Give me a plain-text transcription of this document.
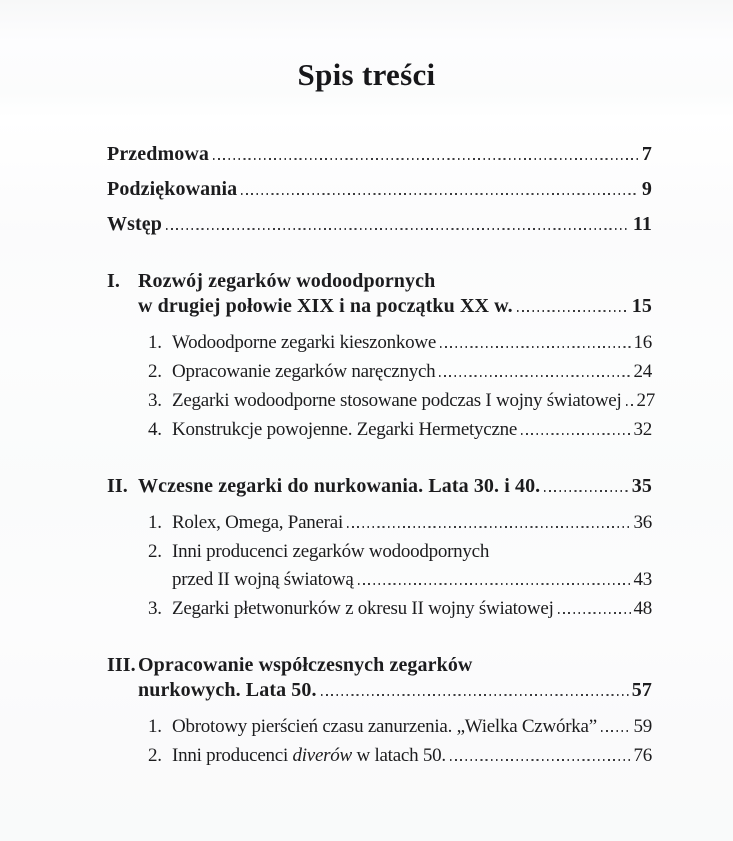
Spis treści
Przedmowa	7
Podziękowania	9
Wstęp	11
I. Rozwój zegarków wodoodpornych
w drugiej połowie XIX i na początku XX w.	15
1. Wodoodporne zegarki kieszonkowe	16
2. Opracowanie zegarków naręcznych	24
3. Zegarki wodoodporne stosowane podczas I wojny światowej 27
4. Konstrukcje powojenne. Zegarki Hermetyczne	32
II. Wczesne zegarki do nurkowania. Lata 30. i 40.	35
1. Rolex, Omega, Panerai	36
2. Inni producenci zegarków wodoodpornych
przed II wojną światową	43
3. Zegarki płetwonurków z okresu II wojny światowej	48
III. Opracowanie współczesnych zegarków
nurkowych. Lata 50.	57
1. Obrotowy pierścień czasu zanurzenia. „Wielka Czwórka” 59
2. Inni producenci diverów w latach 50.	76
